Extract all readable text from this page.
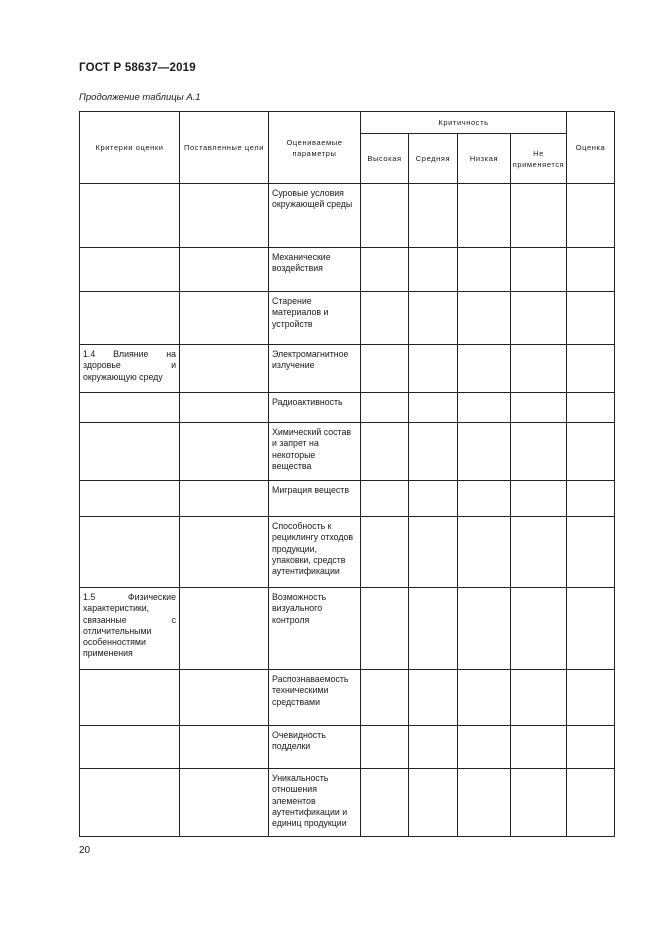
ГОСТ Р 58637—2019
Продолжение таблицы А.1
Критерии оценки	Поставленные цели	Оцениваемые параметры	Критичность				Оценка
			Высокая	Средняя	Низкая	Не применяется	

		Суровые условия окружающей среды					

		Механические воздействия					

		Старение материалов и устройств					

1.4 Влияние на здоровье и окружающую среду		Электромагнитное излучение					

		Радиоактивность					

		Химический состав и запрет на некоторые вещества					

		Миграция веществ					

		Способность к рециклингу отходов продукции, упаковки, средств аутентификации					

1.5 Физические характеристики, связанные с отличительными особенностями применения		Возможность визуального контроля					

		Распознаваемость техническими средствами					

		Очевидность подделки					

		Уникальность отношения элементов аутентификации и единиц продукции					

20
